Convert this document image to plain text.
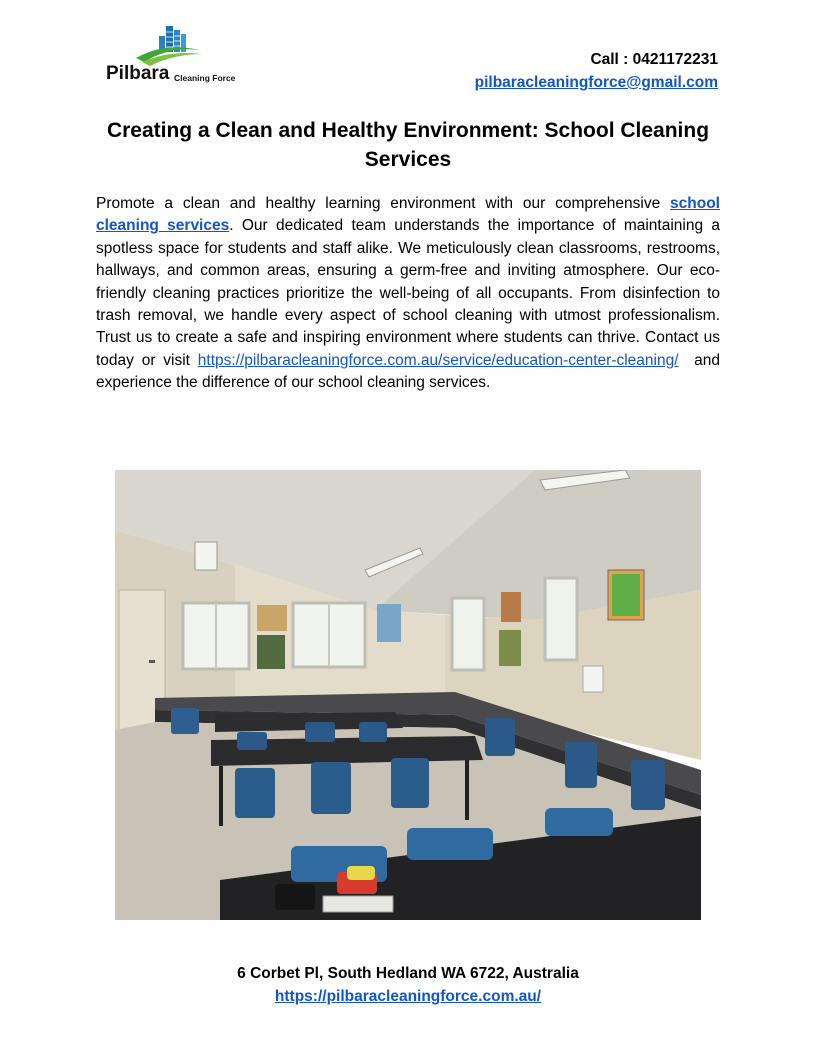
Pilbara Cleaning Force
Call : 0421172231
pilbaracleaningforce@gmail.com
Creating a Clean and Healthy Environment: School Cleaning Services

Promote a clean and healthy learning environment with our comprehensive school cleaning services. Our dedicated team understands the importance of maintaining a spotless space for students and staff alike. We meticulously clean classrooms, restrooms, hallways, and common areas, ensuring a germ-free and inviting atmosphere. Our eco-friendly cleaning practices prioritize the well-being of all occupants. From disinfection to trash removal, we handle every aspect of school cleaning with utmost professionalism. Trust us to create a safe and inspiring environment where students can thrive. Contact us today or visit https://pilbaracleaningforce.com.au/service/education-center-cleaning/ and experience the difference of our school cleaning services.

6 Corbet Pl, South Hedland WA 6722, Australia
https://pilbaracleaningforce.com.au/
